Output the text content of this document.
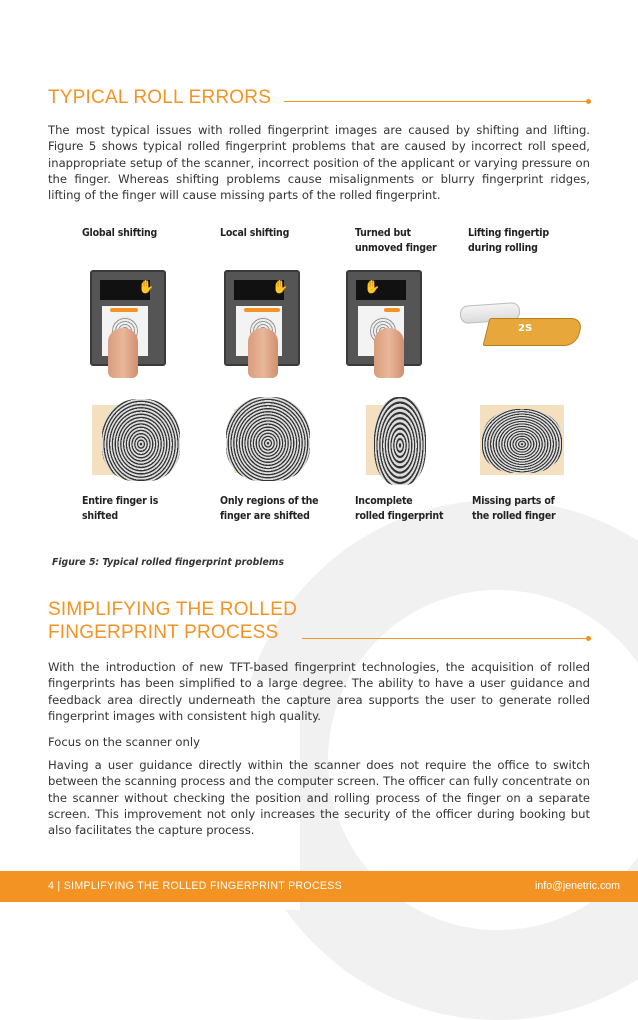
TYPICAL ROLL ERRORS

The most typical issues with rolled fingerprint images are caused by shifting and lifting. Figure 5 shows typical rolled fingerprint problems that are caused by incorrect roll speed, inappropriate setup of the scanner, incorrect position of the applicant or varying pressure on the finger. Whereas shifting problems cause misalignments or blurry fingerprint ridges, lifting of the finger will cause missing parts of the rolled fingerprint.

Global shifting	Local shifting	Turned but unmoved finger
Lifting fingertip during rolling
✋	✋	✋
2S
Entire finger is shifted
Only regions of the finger are shifted
Incomplete rolled fingerprint
Missing parts of the rolled finger
Figure 5: Typical rolled fingerprint problems
SIMPLIFYING THE ROLLED
FINGERPRINT PROCESS

With the introduction of new TFT-based fingerprint technologies, the acquisition of rolled fingerprints has been simplified to a large degree. The ability to have a user guidance and feedback area directly underneath the capture area supports the user to generate rolled fingerprint images with consistent high quality.

Focus on the scanner only

Having a user guidance directly within the scanner does not require the office to switch between the scanning process and the computer screen. The officer can fully concentrate on the scanner without checking the position and rolling process of the finger on a separate screen. This improvement not only increases the security of the officer during booking but also facilitates the capture process.

4 | SIMPLIFYING THE ROLLED FINGERPRINT PROCESS	info@jenetric.com
